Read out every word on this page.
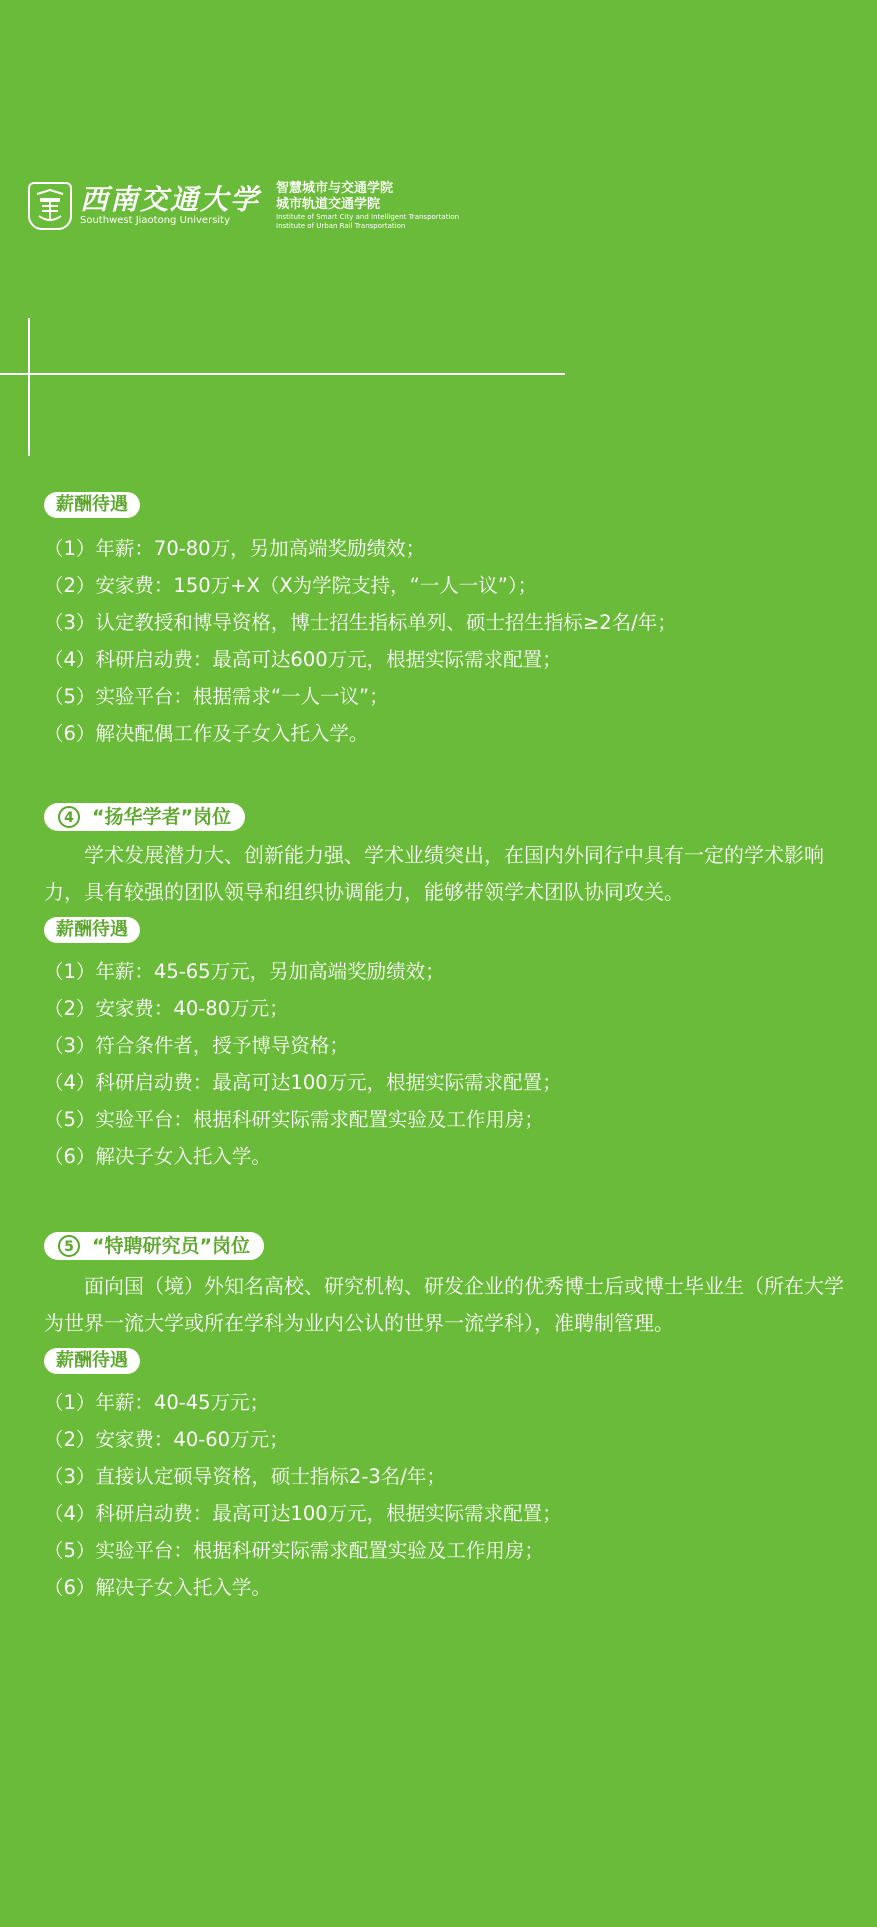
西南交通大学
Southwest Jiaotong University
智慧城市与交通学院
城市轨道交通学院
Institute of Smart City and Intelligent Transportation
Institute of Urban Rail Transportation
薪酬待遇
（1）年薪：70-80万，另加高端奖励绩效；
（2）安家费：150万+X（X为学院支持，“一人一议”）；
（3）认定教授和博导资格，博士招生指标单列、硕士招生指标≥2名/年；
（4）科研启动费：最高可达600万元，根据实际需求配置；
（5）实验平台：根据需求“一人一议”；
（6）解决配偶工作及子女入托入学。
4 “扬华学者”岗位
学术发展潜力大、创新能力强、学术业绩突出，在国内外同行中具有一定的学术影响力，具有较强的团队领导和组织协调能力，能够带领学术团队协同攻关。
薪酬待遇
（1）年薪：45-65万元，另加高端奖励绩效；
（2）安家费：40-80万元；
（3）符合条件者，授予博导资格；
（4）科研启动费：最高可达100万元，根据实际需求配置；
（5）实验平台：根据科研实际需求配置实验及工作用房；
（6）解决子女入托入学。
5 “特聘研究员”岗位
面向国（境）外知名高校、研究机构、研发企业的优秀博士后或博士毕业生（所在大学为世界一流大学或所在学科为业内公认的世界一流学科），准聘制管理。
薪酬待遇
（1）年薪：40-45万元；
（2）安家费：40-60万元；
（3）直接认定硕导资格，硕士指标2-3名/年；
（4）科研启动费：最高可达100万元，根据实际需求配置；
（5）实验平台：根据科研实际需求配置实验及工作用房；
（6）解决子女入托入学。
